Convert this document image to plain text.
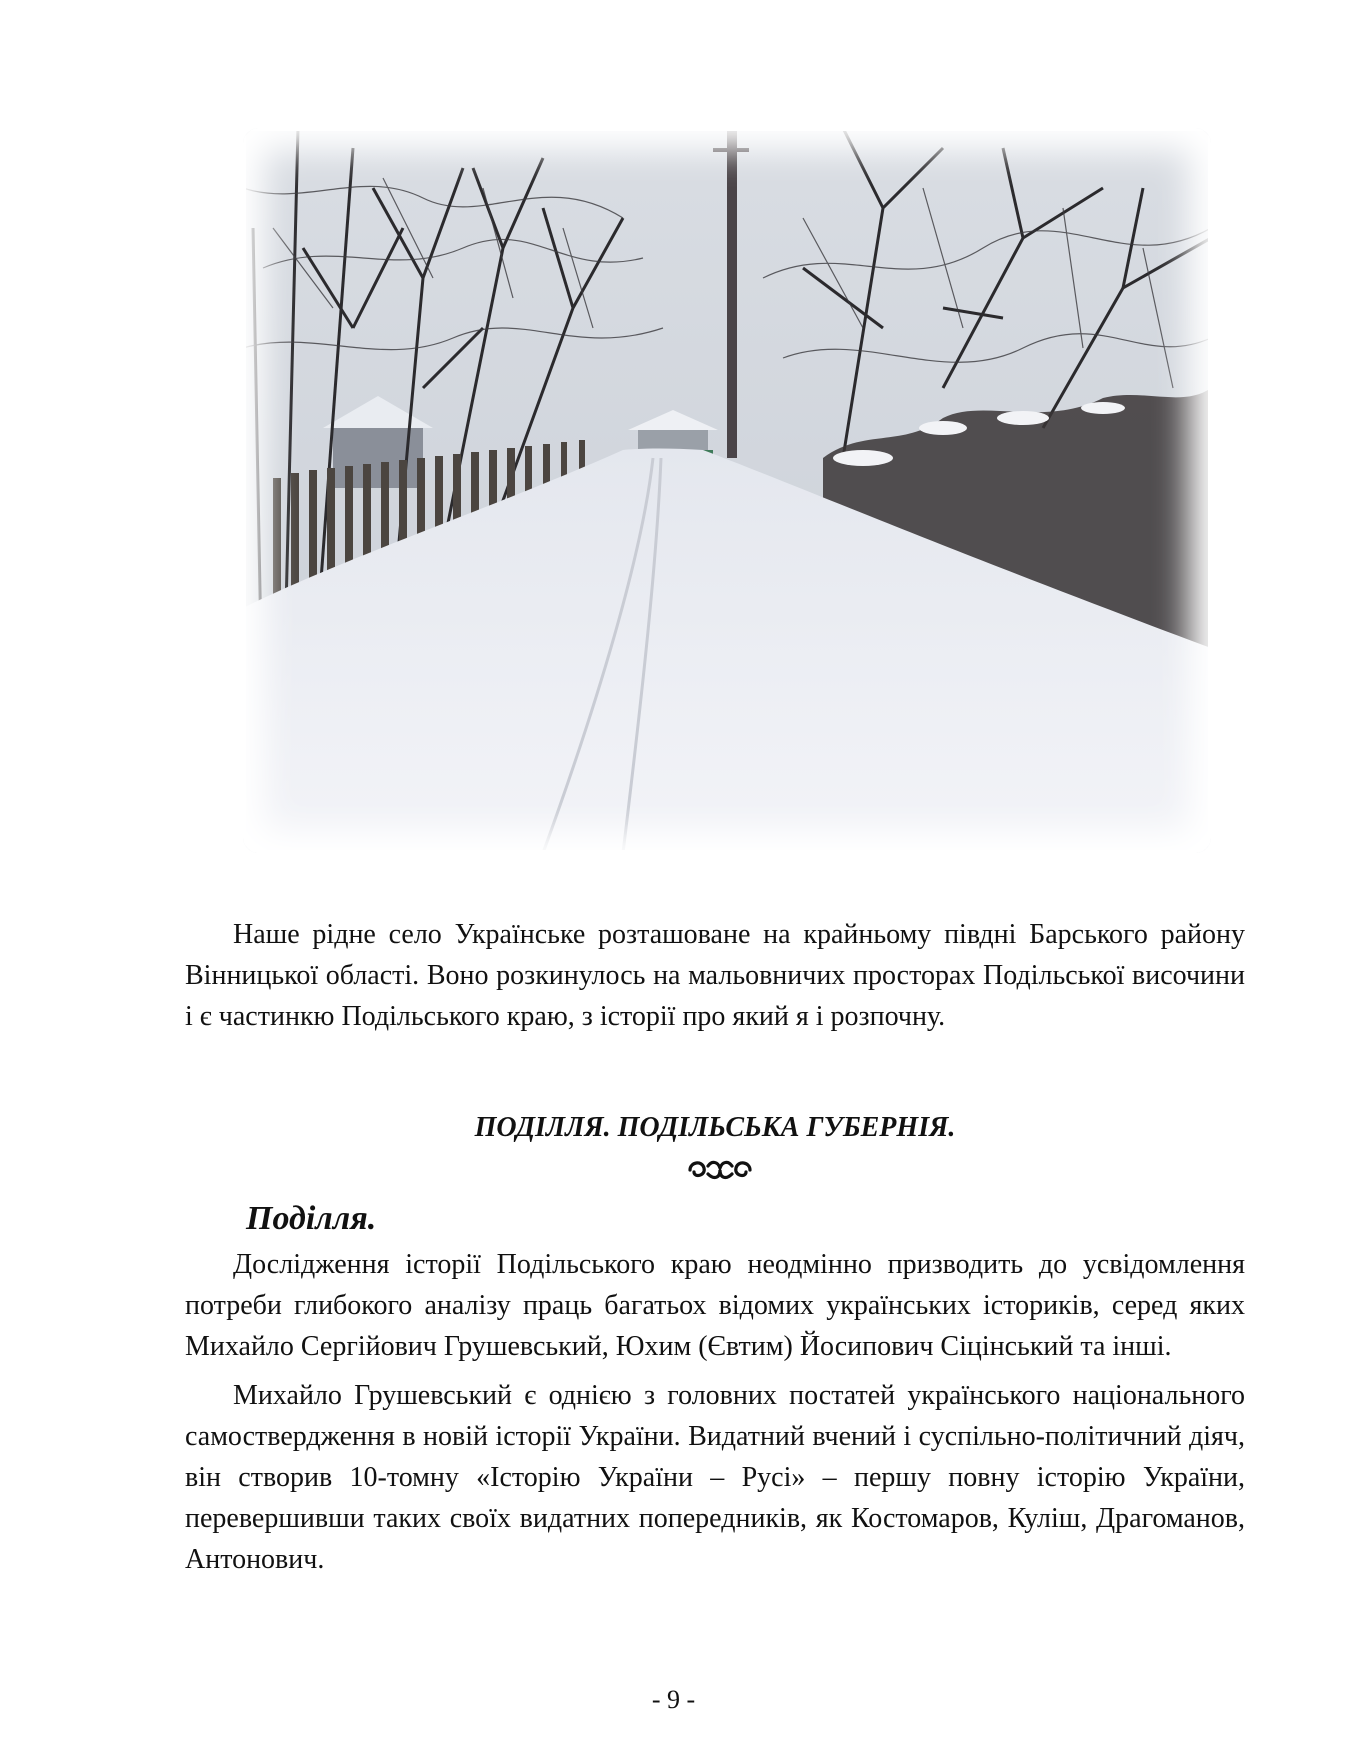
Наше рідне село Українське розташоване на крайньому півдні Барського району Вінницької області. Воно розкинулось на мальовничих просторах Подільської височини і є частинкю Подільського краю, з історії про який я і розпочну.

ПОДІЛЛЯ. ПОДІЛЬСЬКА ГУБЕРНІЯ.
Поділля.

Дослідження історії Подільського краю неодмінно призводить до усвідомлення потреби глибокого аналізу праць багатьох відомих українських істориків, серед яких Михайло Сергійович Грушевський, Юхим (Євтим) Йосипович Сіцінський та інші.

Михайло Грушевський є однією з головних постатей українського національного самоствердження в новій історії України. Видатний вчений і суспільно-політичний діяч, він створив 10-томну «Історію України – Русі» – першу повну історію України, перевершивши таких своїх видатних попередників, як Костомаров, Куліш, Драгоманов, Антонович.

- 9 -
